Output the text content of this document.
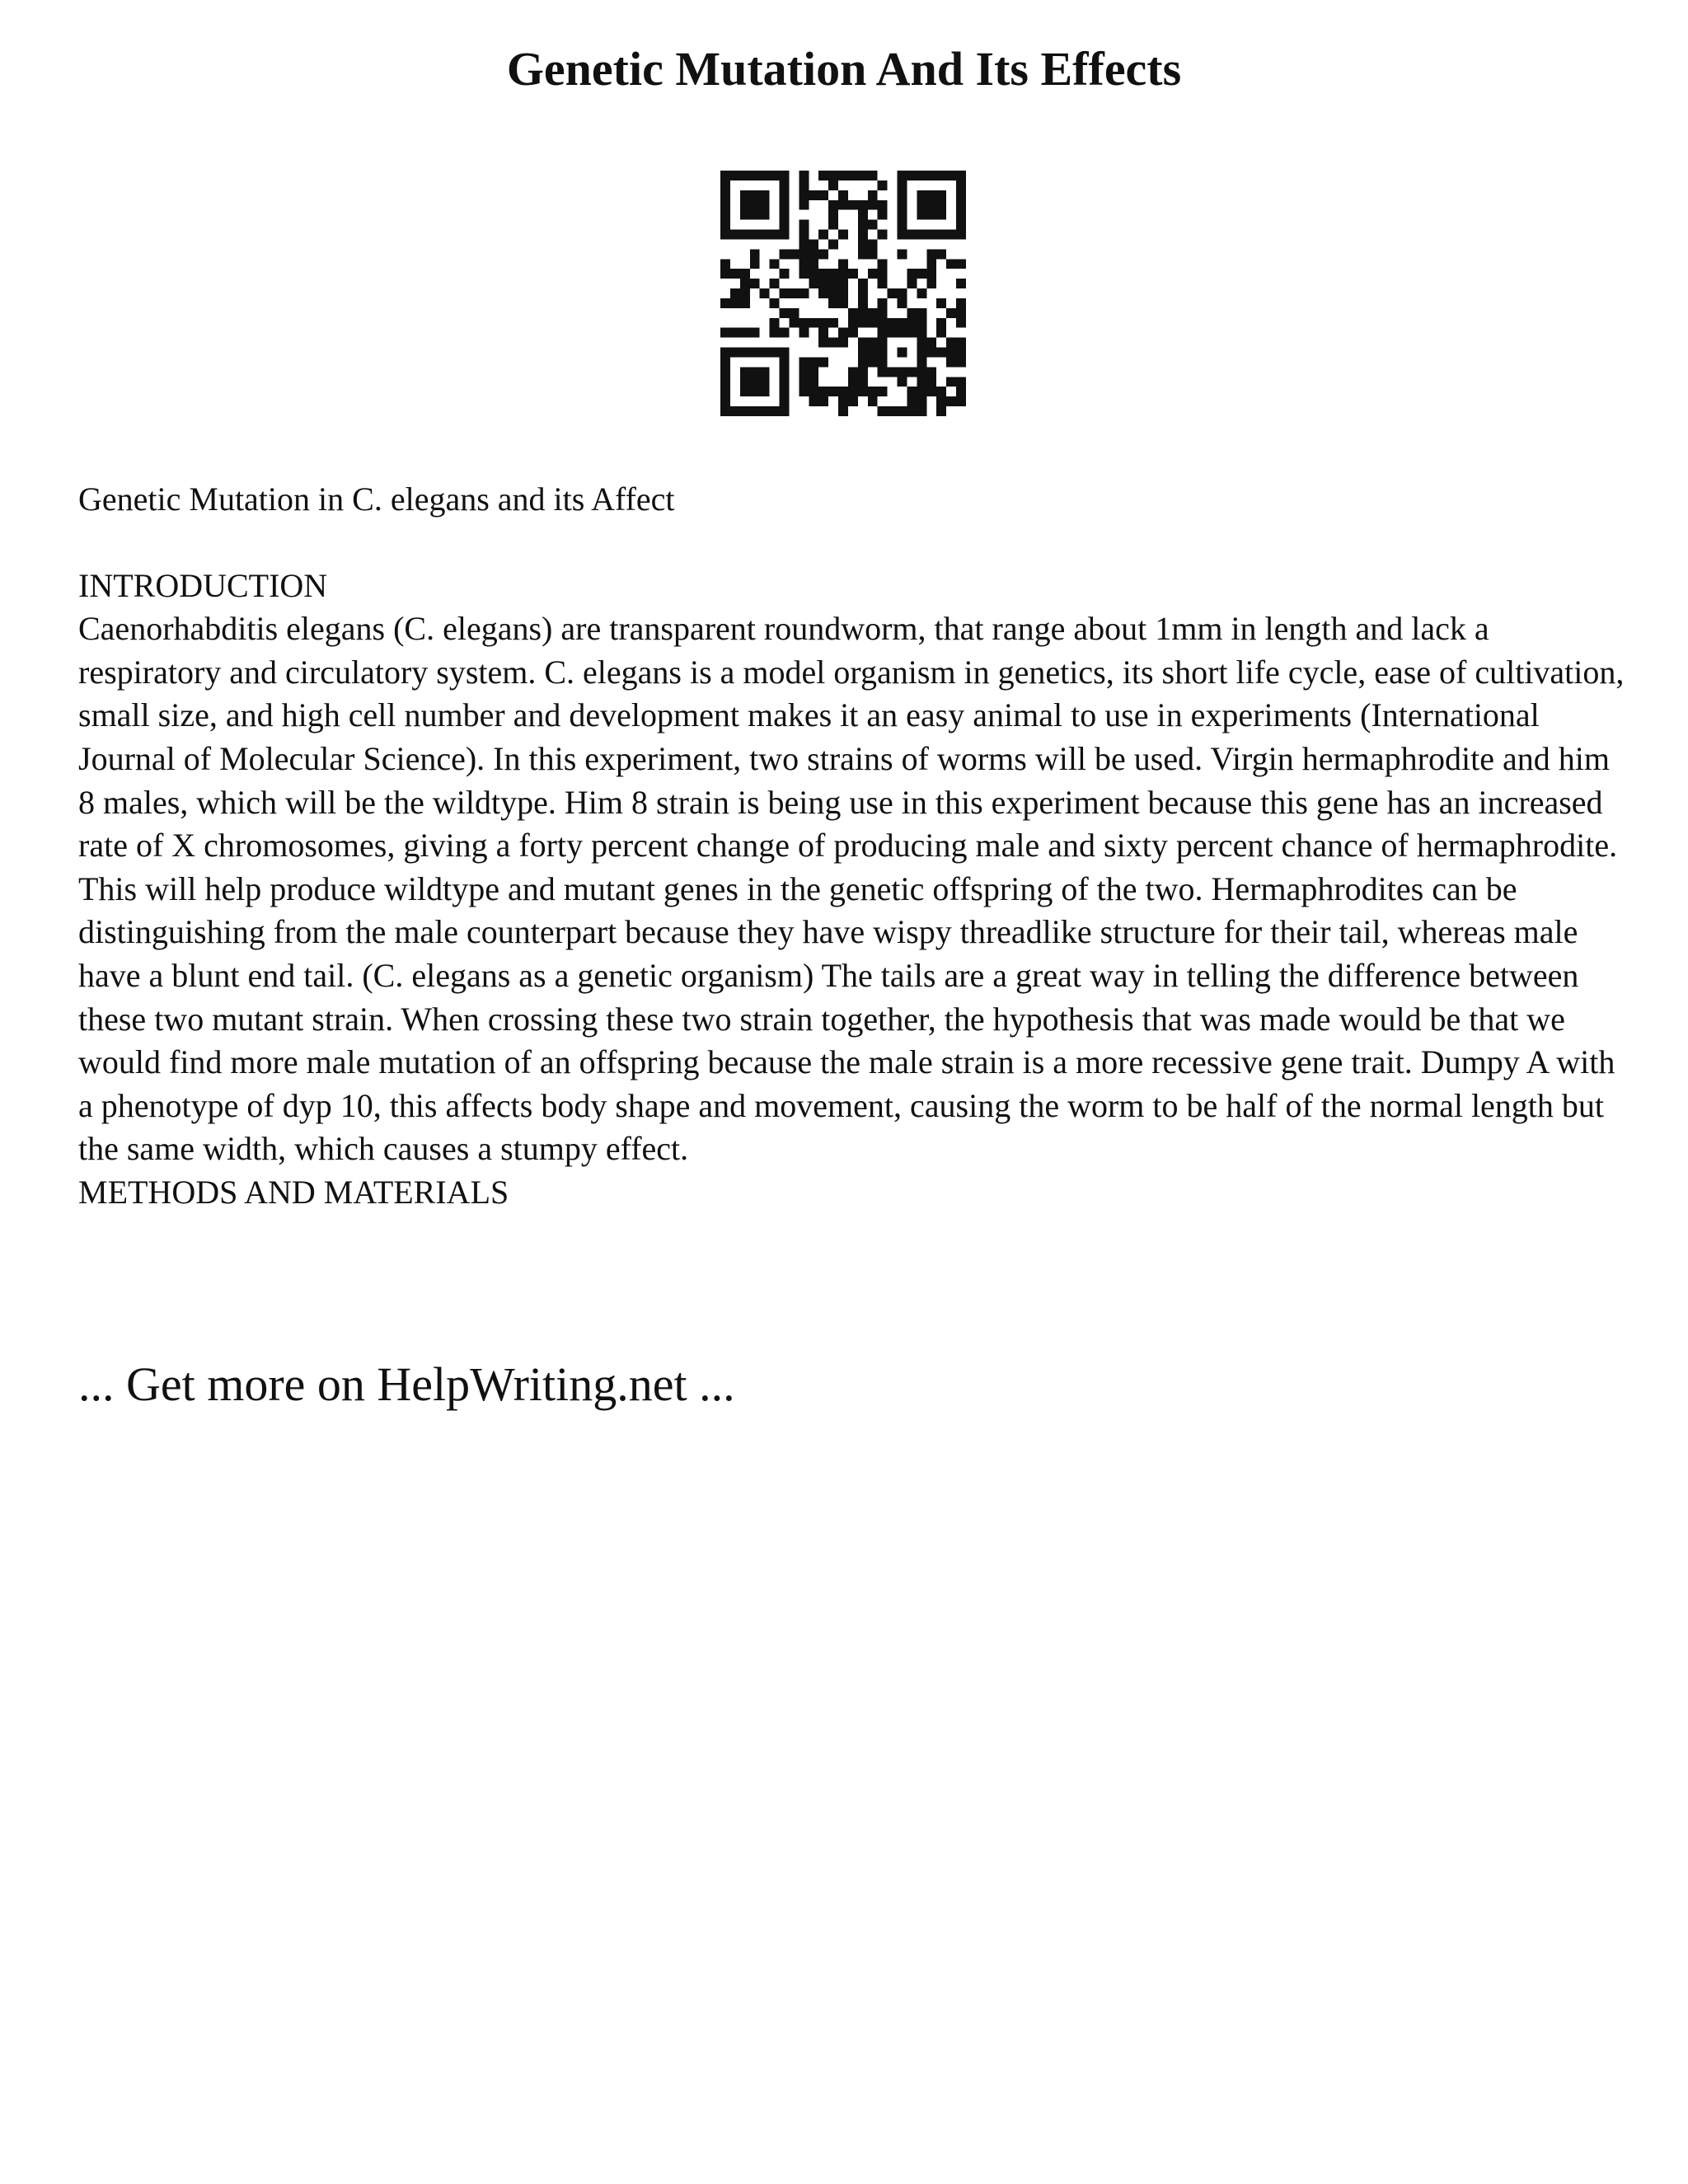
Genetic Mutation And Its Effects

Genetic Mutation in C. elegans and its Affect

INTRODUCTION

Caenorhabditis elegans (C. elegans) are transparent roundworm, that range about 1mm in length and lack a respiratory and circulatory system. C. elegans is a model organism in genetics, its short life cycle, ease of cultivation, small size, and high cell number and development makes it an easy animal to use in experiments (International Journal of Molecular Science). In this experiment, two strains of worms will be used. Virgin hermaphrodite and him 8 males, which will be the wildtype. Him 8 strain is being use in this experiment because this gene has an increased rate of X chromosomes, giving a forty percent change of producing male and sixty percent chance of hermaphrodite. This will help produce wildtype and mutant genes in the genetic offspring of the two. Hermaphrodites can be distinguishing from the male counterpart because they have wispy threadlike structure for their tail, whereas male have a blunt end tail. (C. elegans as a genetic organism) The tails are a great way in telling the difference between these two mutant strain. When crossing these two strain together, the hypothesis that was made would be that we would find more male mutation of an offspring because the male strain is a more recessive gene trait. Dumpy A with a phenotype of dyp 10, this affects body shape and movement, causing the worm to be half of the normal length but the same width, which causes a stumpy effect.

METHODS AND MATERIALS

... Get more on HelpWriting.net ...
